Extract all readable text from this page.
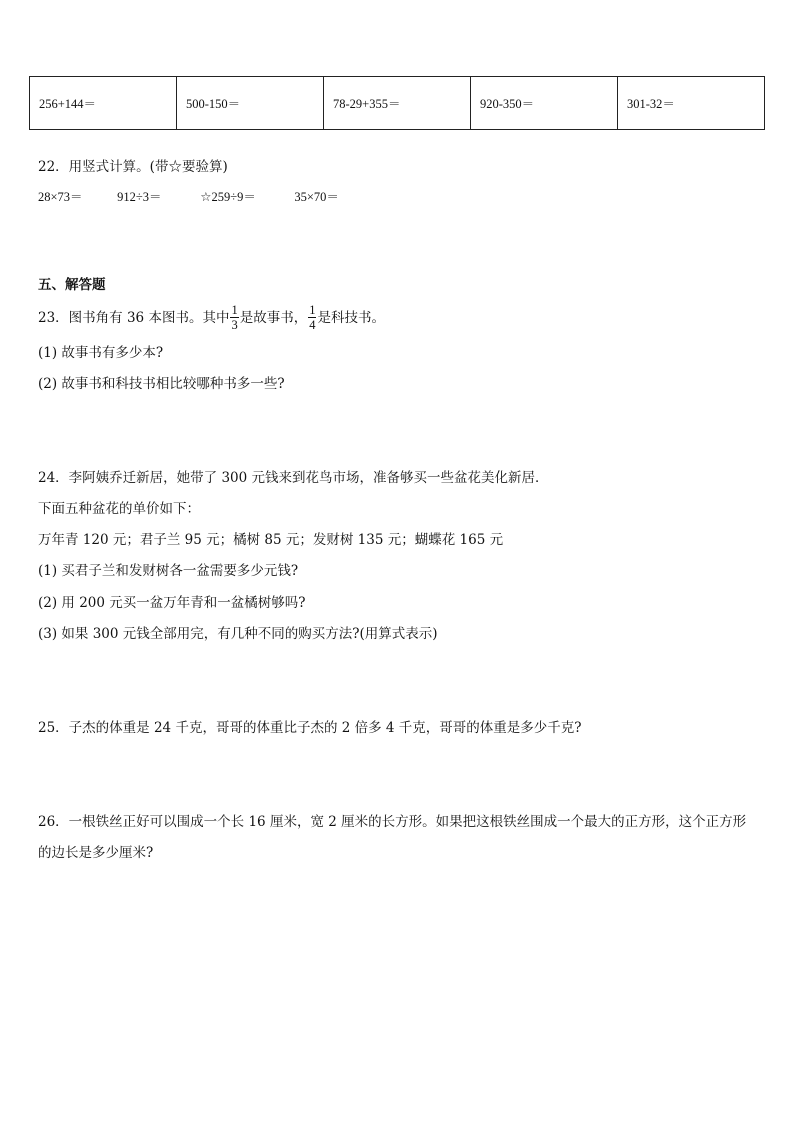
256+144＝	500-150＝	78-29+355＝	920-350＝	301-32＝
22．用竖式计算。(带☆要验算)
28×73＝	912÷3＝	☆259÷9＝	35×70＝
五、解答题
23．图书角有 36 本图书。其中 $\frac{1}{3}$ 是故事书， $\frac{1}{4}$ 是科技书。
(1) 故事书有多少本?
(2) 故事书和科技书相比较哪种书多一些?
24．李阿姨乔迁新居，她带了 300 元钱来到花鸟市场，准备够买一些盆花美化新居．
下面五种盆花的单价如下：
万年青 120 元；君子兰 95 元；橘树 85 元；发财树 135 元；蝴蝶花 165 元
(1) 买君子兰和发财树各一盆需要多少元钱?
(2) 用 200 元买一盆万年青和一盆橘树够吗?
(3) 如果 300 元钱全部用完，有几种不同的购买方法?(用算式表示)
25．子杰的体重是 24 千克，哥哥的体重比子杰的 2 倍多 4 千克，哥哥的体重是多少千克?
26．一根铁丝正好可以围成一个长 16 厘米，宽 2 厘米的长方形。如果把这根铁丝围成一个最大的正方形，这个正方形
的边长是多少厘米?
